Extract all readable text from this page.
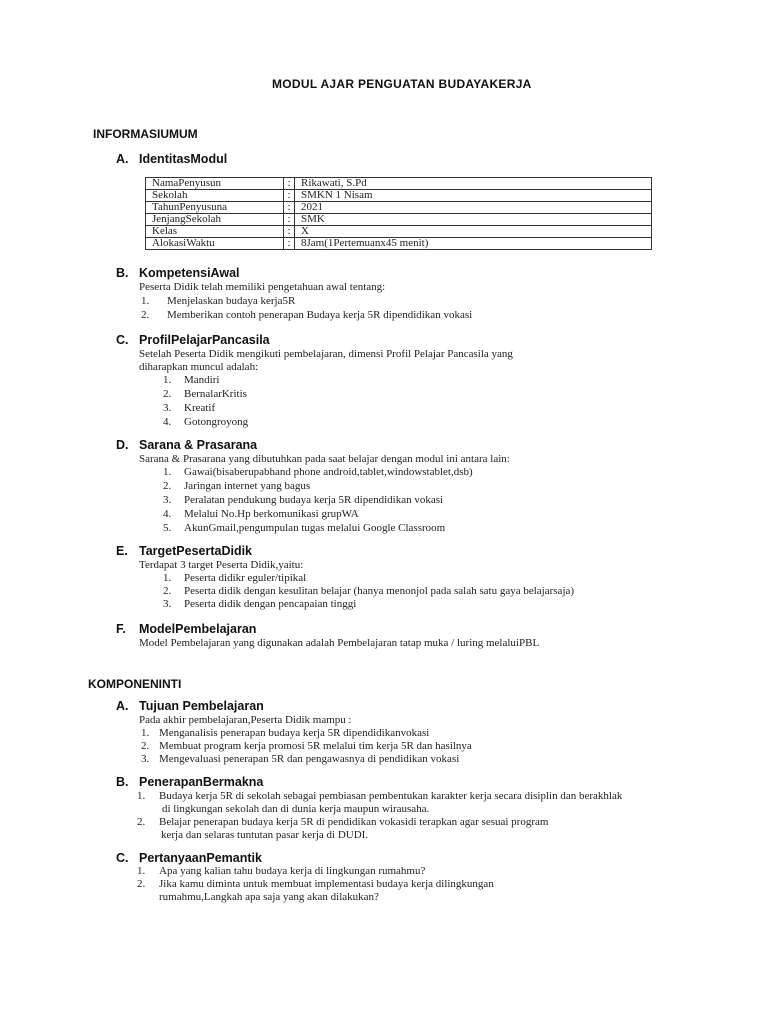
MODUL AJAR PENGUATAN BUDAYAKERJA
INFORMASIUMUM
A. IdentitasModul
NamaPenyusun	:	Rikawati, S.Pd
Sekolah	:	SMKN 1 Nisam
TahunPenyusuna	:	2021
JenjangSekolah	:	SMK
Kelas	:	X
AlokasiWaktu	:	8Jam(1Pertemuanx45 menit)
B. KompetensiAwal
Peserta Didik telah memiliki pengetahuan awal tentang:
1. Menjelaskan budaya kerja5R
2. Memberikan contoh penerapan Budaya kerja 5R dipendidikan vokasi
C. ProfilPelajarPancasila
Setelah Peserta Didik mengikuti pembelajaran, dimensi Profil Pelajar Pancasila yang
diharapkan muncul adalah:
1. Mandiri
2. BernalarKritis
3. Kreatif
4. Gotongroyong
D. Sarana & Prasarana
Sarana & Prasarana yang dibutuhkan pada saat belajar dengan modul ini antara lain:
1. Gawai(bisaberupabhand phone android,tablet,windowstablet,dsb)
2. Jaringan internet yang bagus
3. Peralatan pendukung budaya kerja 5R dipendidikan vokasi
4. Melalui No.Hp berkomunikasi grupWA
5. AkunGmail,pengumpulan tugas melalui Google Classroom
E. TargetPesertaDidik
Terdapat 3 target Peserta Didik,yaitu:
1. Peserta didikr eguler/tipikal
2. Peserta didik dengan kesulitan belajar (hanya menonjol pada salah satu gaya belajarsaja)
3. Peserta didik dengan pencapaian tinggi
F. ModelPembelajaran
Model Pembelajaran yang digunakan adalah Pembelajaran tatap muka / luring melaluiPBL
KOMPONENINTI
A. Tujuan Pembelajaran
Pada akhir pembelajaran,Peserta Didik mampu :
1. Menganalisis penerapan budaya kerja 5R dipendidikanvokasi
2. Membuat program kerja promosi 5R melalui tim kerja 5R dan hasilnya
3. Mengevaluasi penerapan 5R dan pengawasnya di pendidikan vokasi
B. PenerapanBermakna
1. Budaya kerja 5R di sekolah sebagai pembiasan pembentukan karakter kerja secara disiplin dan berakhlak
di lingkungan sekolah dan di dunia kerja maupun wirausaha.
2. Belajar penerapan budaya kerja 5R di pendidikan vokasidi terapkan agar sesuai program
kerja dan selaras tuntutan pasar kerja di DUDI.
C. PertanyaanPemantik
1. Apa yang kalian tahu budaya kerja di lingkungan rumahmu?
2. Jika kamu diminta untuk membuat implementasi budaya kerja dilingkungan
rumahmu,Langkah apa saja yang akan dilakukan?
